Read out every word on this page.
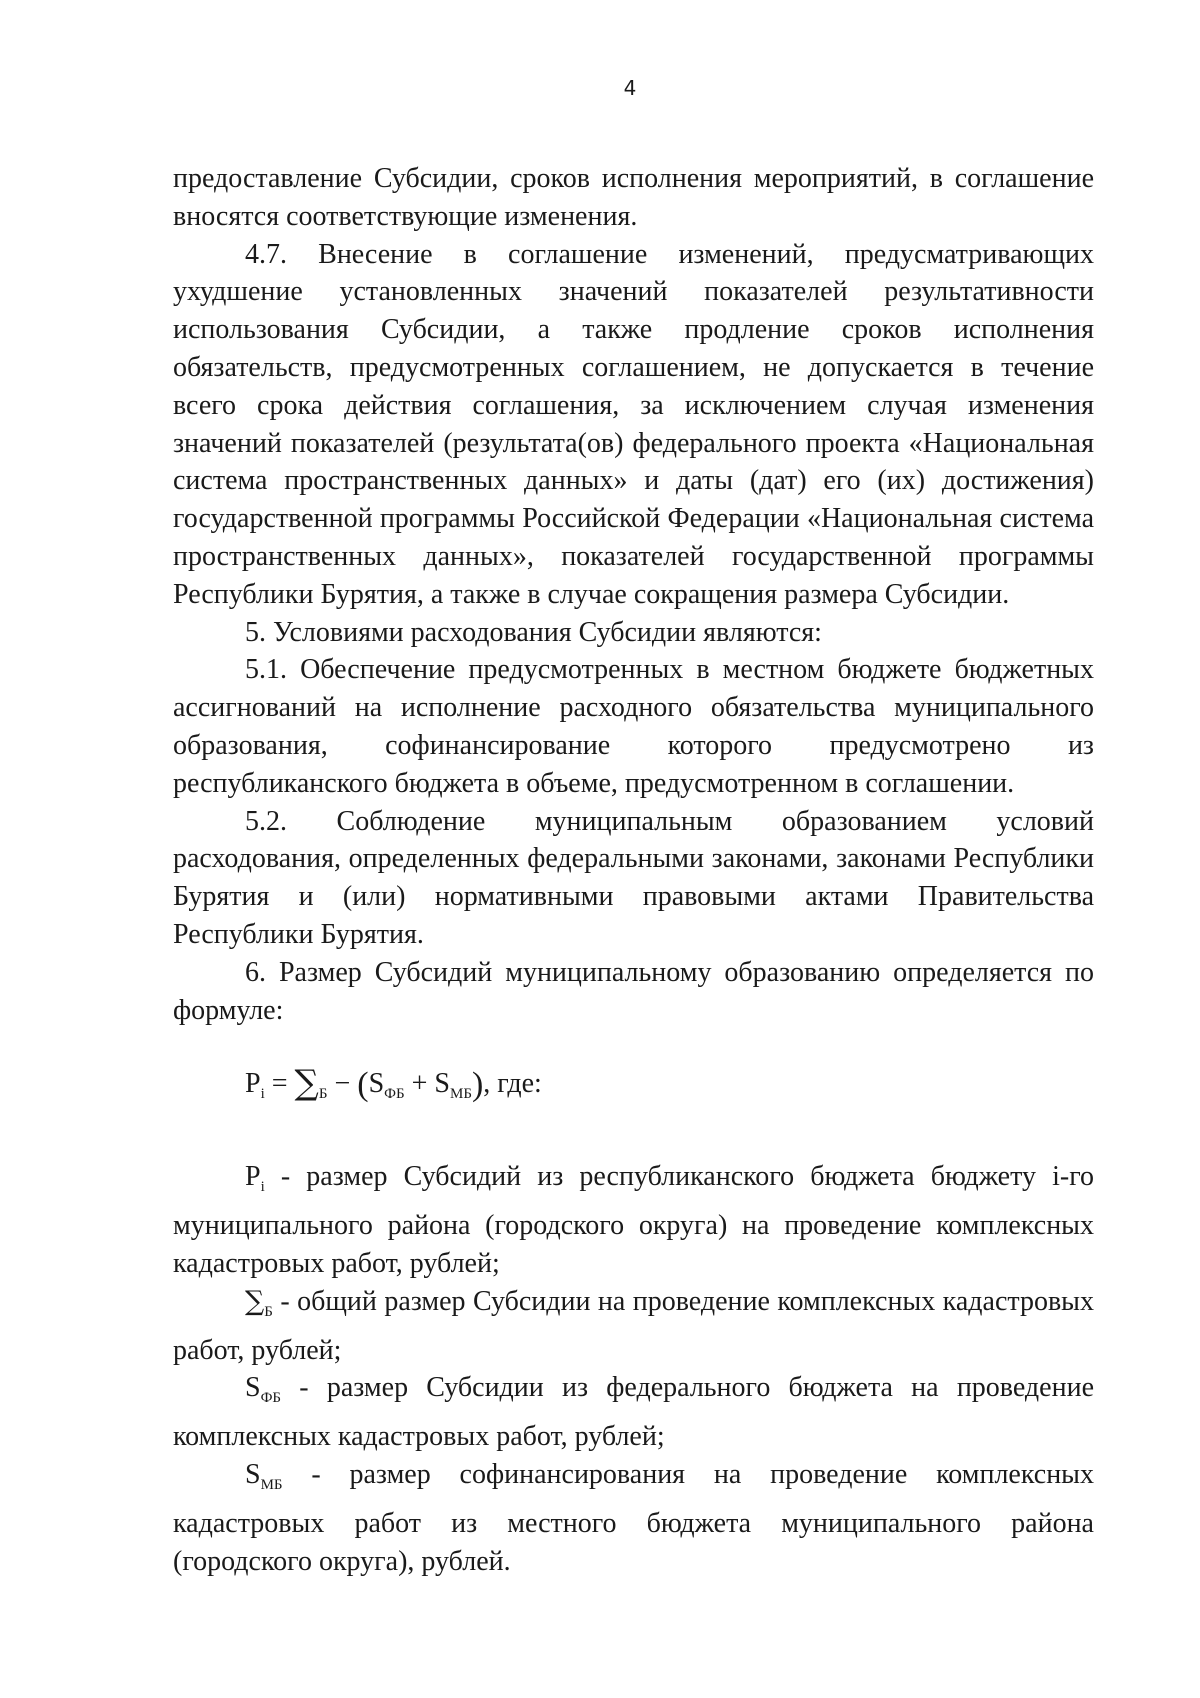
4

предоставление Субсидии, сроков исполнения мероприятий, в соглашение вносятся соответствующие изменения.

4.7. Внесение в соглашение изменений, предусматривающих ухудшение установленных значений показателей результативности использования Субсидии, а также продление сроков исполнения обязательств, предусмотренных соглашением, не допускается в течение всего срока действия соглашения, за исключением случая изменения значений показателей (результата(ов) федерального проекта «Национальная система пространственных данных» и даты (дат) его (их) достижения) государственной программы Российской Федерации «Национальная система пространственных данных», показателей государственной программы Республики Бурятия, а также в случае сокращения размера Субсидии.

5. Условиями расходования Субсидии являются:

5.1. Обеспечение предусмотренных в местном бюджете бюджетных ассигнований на исполнение расходного обязательства муниципального образования, софинансирование которого предусмотрено из республиканского бюджета в объеме, предусмотренном в соглашении.

5.2. Соблюдение муниципальным образованием условий расходования, определенных федеральными законами, законами Республики Бурятия и (или) нормативными правовыми актами Правительства Республики Бурятия.

6. Размер Субсидий муниципальному образованию определяется по формуле:

$P_i = \sum_Б - (S_{ФБ} + S_{МБ})$, где:

$P_i$ - размер Субсидий из республиканского бюджета бюджету i-го муниципального района (городского округа) на проведение комплексных кадастровых работ, рублей;

$\sum_Б$ - общий размер Субсидии на проведение комплексных кадастровых работ, рублей;

$S_{ФБ}$ - размер Субсидии из федерального бюджета на проведение комплексных кадастровых работ, рублей;

$S_{МБ}$ - размер софинансирования на проведение комплексных кадастровых работ из местного бюджета муниципального района (городского округа), рублей.
